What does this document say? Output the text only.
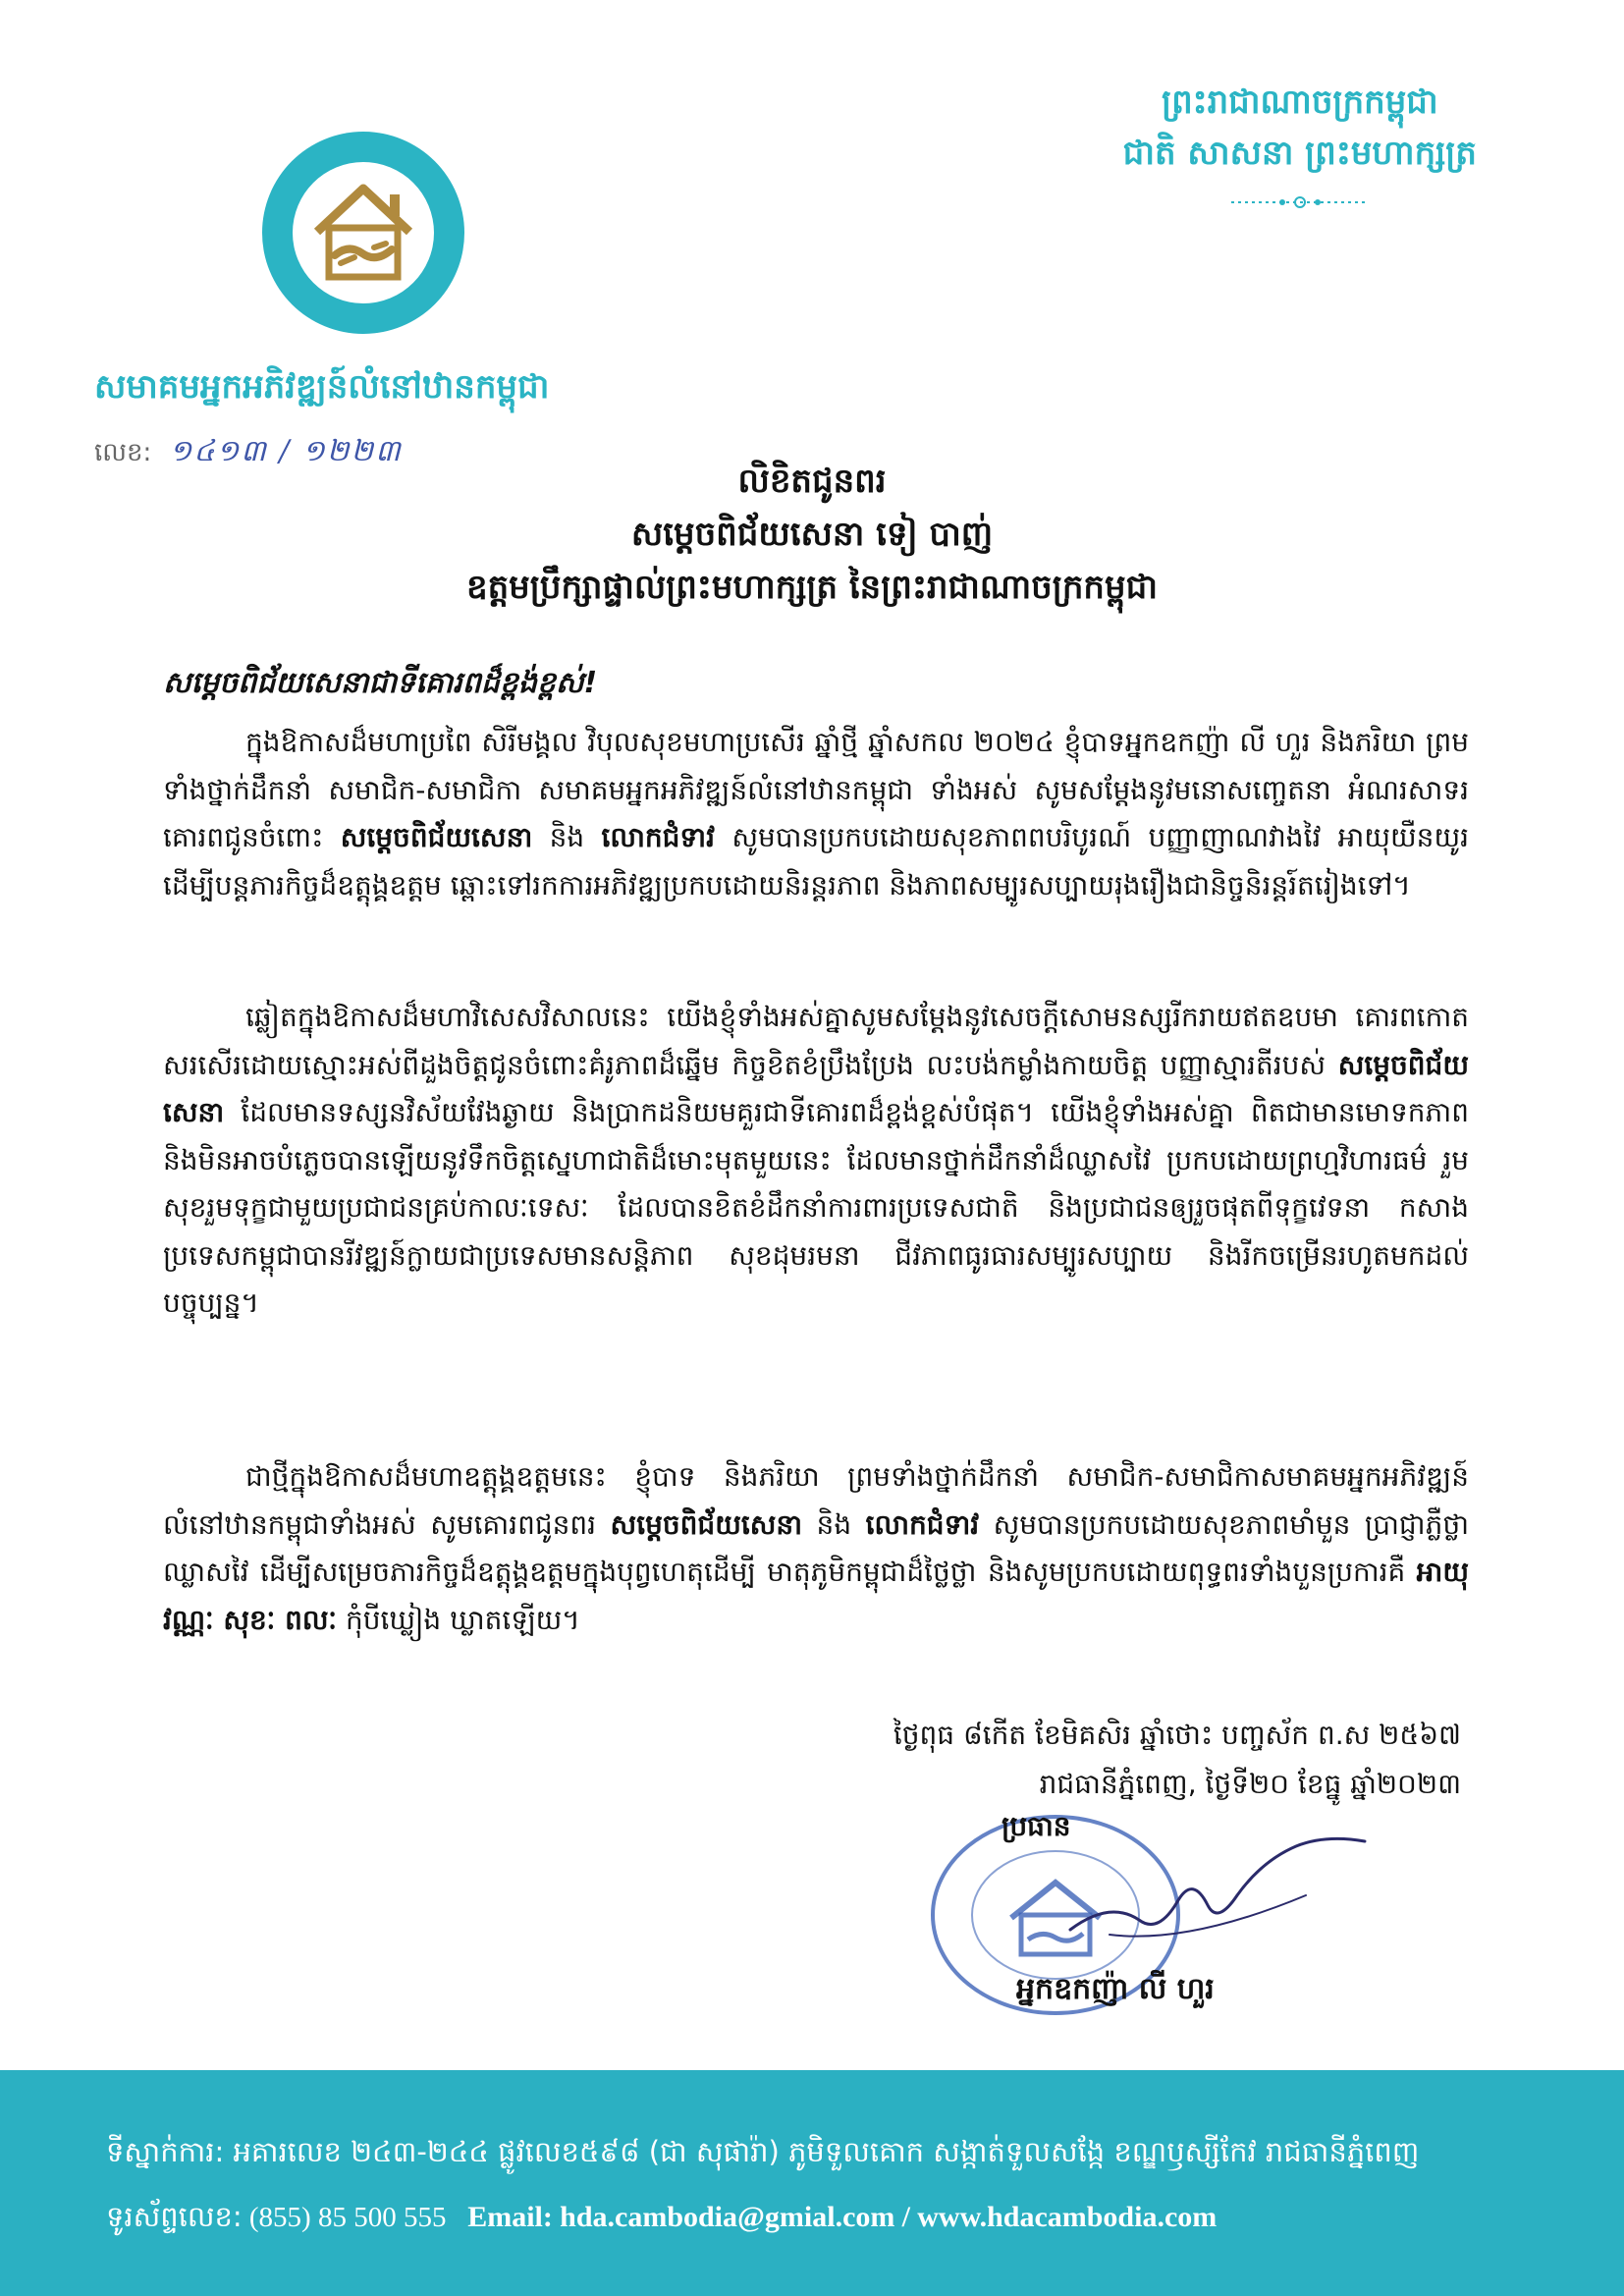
ព្រះរាជាណាចក្រកម្ពុជា
ជាតិ សាសនា ព្រះមហាក្សត្រ
សមាគមអ្នកអភិវឌ្ឍន៍លំនៅឋានកម្ពុជា
លេខ: ១៤១៣ / ១២២៣
លិខិតជូនពរ
សម្តេចពិជ័យសេនា ទៀ បាញ់
ឧត្តមប្រឹក្សាផ្ទាល់ព្រះមហាក្សត្រ នៃព្រះរាជាណាចក្រកម្ពុជា
សម្តេចពិជ័យសេនាជាទីគោរពដ៏ខ្ពង់ខ្ពស់!

ក្នុងឱកាសដ៏មហាប្រពៃ សិរីមង្គល វិបុលសុខមហាប្រសើរ ឆ្នាំថ្មី ឆ្នាំសកល ២០២៤ ខ្ញុំបាទអ្នកឧកញ៉ា លី ហួរ និងភរិយា ព្រមទាំងថ្នាក់ដឹកនាំ សមាជិក-សមាជិកា សមាគមអ្នកអភិវឌ្ឍន៍លំនៅឋានកម្ពុជា ទាំងអស់ សូមសម្តែងនូវមនោសញ្ចេតនា អំណរសាទរ គោរពជូនចំពោះ សម្តេចពិជ័យសេនា និង លោកជំទាវ សូមបានប្រកបដោយសុខភាពពបរិបូរណ៍ បញ្ញាញាណវាងវៃ អាយុយឺនយូរ ដើម្បីបន្តភារកិច្ចដ៏ឧត្តុង្គឧត្តម ឆ្ពោះទៅរកការអភិវឌ្ឍប្រកបដោយនិរន្តរភាព និងភាពសម្បូរសប្បាយរុងរឿងជានិច្ចនិរន្តរ៍តរៀងទៅ។

ឆ្លៀតក្នុងឱកាសដ៏មហាវិសេសវិសាលនេះ យើងខ្ញុំទាំងអស់គ្នាសូមសម្តែងនូវសេចក្តីសោមនស្សរីករាយឥតឧបមា គោរពកោតសរសើរដោយស្មោះអស់ពីដួងចិត្តជូនចំពោះគំរូភាពដ៏ឆ្នើម កិច្ចខិតខំប្រឹងប្រែង លះបង់កម្លាំងកាយចិត្ត បញ្ញាស្មារតីរបស់ សម្តេចពិជ័យសេនា ដែលមានទស្សនវិស័យវែងឆ្ងាយ និងប្រាកដនិយមគួរជាទីគោរពដ៏ខ្ពង់ខ្ពស់បំផុត។ យើងខ្ញុំទាំងអស់គ្នា ពិតជាមានមោទកភាព និងមិនអាចបំភ្លេចបានឡើយនូវទឹកចិត្តស្នេហាជាតិដ៏មោះមុតមួយនេះ ដែលមានថ្នាក់ដឹកនាំដ៏ឈ្លាសវៃ ប្រកបដោយព្រហ្មវិហារធម៌ រួមសុខរួមទុក្ខជាមួយប្រជាជនគ្រប់កាលៈទេសៈ ដែលបានខិតខំដឹកនាំការពារប្រទេសជាតិ និងប្រជាជនឲ្យរួចផុតពីទុក្ខវេទនា កសាងប្រទេសកម្ពុជាបានរីវឌ្ឍន៍ក្លាយជាប្រទេសមានសន្តិភាព សុខដុមរមនា ជីវភាពធូរធារសម្បូរសប្បាយ និងរីកចម្រើនរហូតមកដល់បច្ចុប្បន្ន។

ជាថ្មីក្នុងឱកាសដ៏មហាឧត្តុង្គឧត្តមនេះ ខ្ញុំបាទ និងភរិយា ព្រមទាំងថ្នាក់ដឹកនាំ សមាជិក-សមាជិកាសមាគមអ្នកអភិវឌ្ឍន៍លំនៅឋានកម្ពុជាទាំងអស់ សូមគោរពជូនពរ សម្តេចពិជ័យសេនា និង លោកជំទាវ សូមបានប្រកបដោយសុខភាពមាំមួន ប្រាជ្ញាភ្លឺថ្លាឈ្លាសវៃ ដើម្បីសម្រេចភារកិច្ចដ៏ឧត្តុង្គឧត្តមក្នុងបុព្វហេតុដើម្បី មាតុភូមិកម្ពុជាដ៏ថ្លៃថ្លា និងសូមប្រកបដោយពុទ្ធពរទាំងបួនប្រការគឺ អាយុ វណ្ណៈ សុខៈ ពលៈ កុំបីឃ្លៀង ឃ្លាតឡើយ។

ថ្ងៃពុធ ៨កើត ខែមិគសិរ ឆ្នាំថោះ បញ្ចស័ក ព.ស ២៥៦៧
រាជធានីភ្នំពេញ, ថ្ងៃទី២០ ខែធ្នូ ឆ្នាំ២០២៣
ប្រធាន
អ្នកឧកញ៉ា លី ហួរ
ទីស្នាក់ការ: អគារលេខ ២៤៣-២៤៤ ផ្លូវលេខ៥៩៨ (ជា សុផារ៉ា) ភូមិទួលគោក សង្កាត់ទួលសង្កែ ខណ្ឌឫស្សីកែវ រាជធានីភ្នំពេញ
ទូរស័ព្ទលេខ: (855) 85 500 555 Email: hda.cambodia@gmial.com / www.hdacambodia.com
